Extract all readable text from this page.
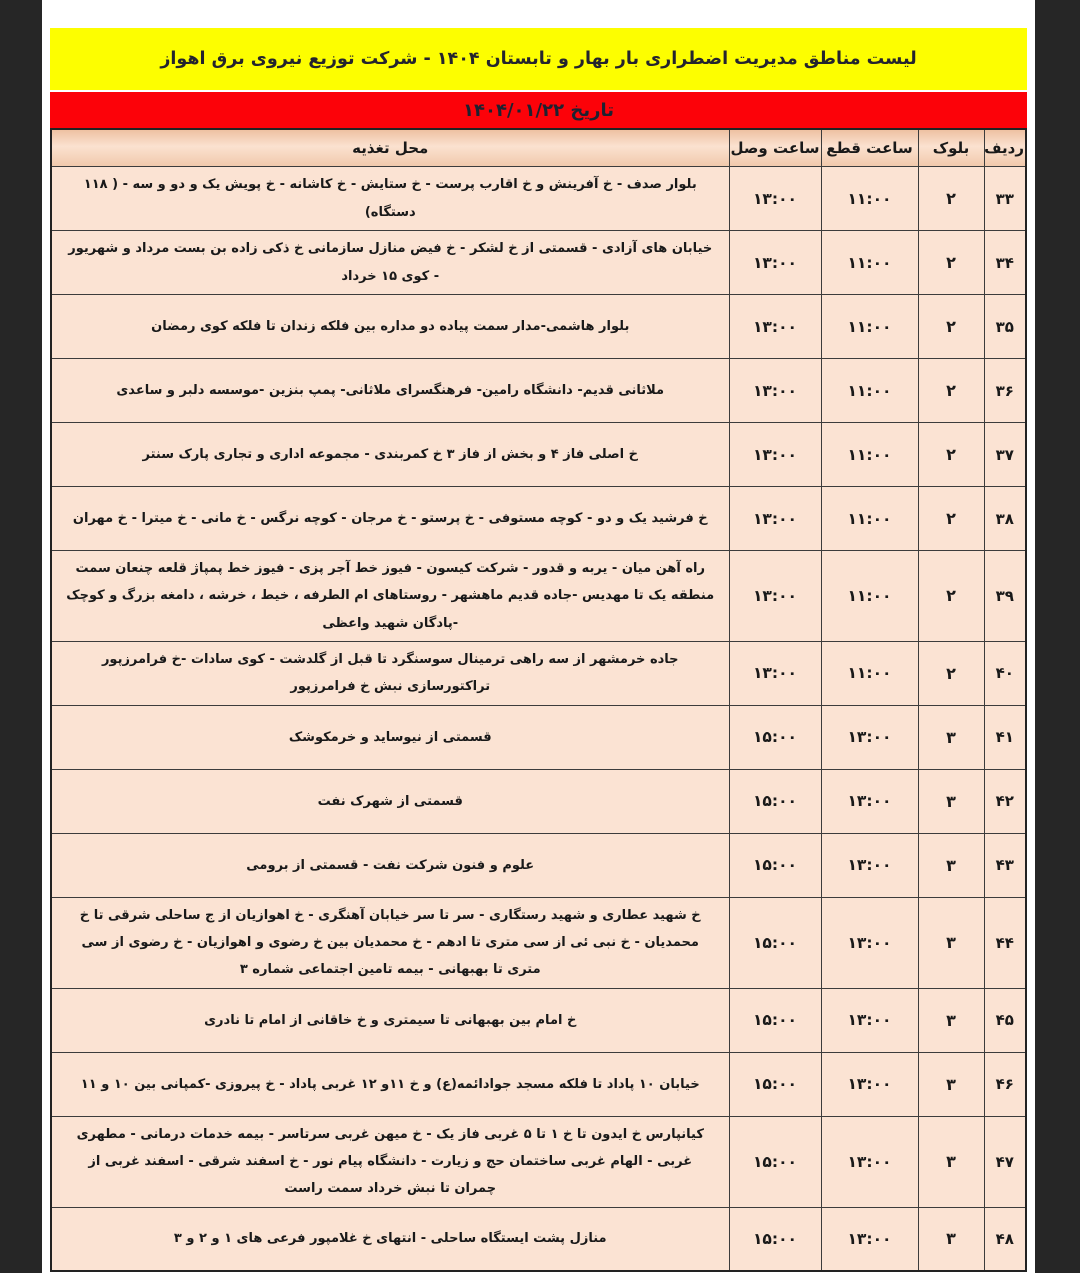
لیست مناطق مدیریت اضطراری بار بهار و تابستان ۱۴۰۴ - شرکت توزیع نیروی برق اهواز
تاریخ ۱۴۰۴/۰۱/۲۲
ردیف	بلوک	ساعت قطع	ساعت وصل	محل تغذیه
۳۳	۲	۱۱:۰۰	۱۳:۰۰	بلوار صدف - خ آفرینش و خ اقارب پرست - خ ستایش - خ کاشانه - خ پویش یک و دو و سه - ( ۱۱۸ دستگاه)
۳۴	۲	۱۱:۰۰	۱۳:۰۰	خیابان های آزادی - قسمتی از خ لشکر - خ فیض منازل سازمانی خ ذکی زاده بن بست مرداد و شهریور - کوی ۱۵ خرداد
۳۵	۲	۱۱:۰۰	۱۳:۰۰	بلوار هاشمی-مدار سمت پیاده دو مداره بین فلکه زندان تا فلکه کوی رمضان
۳۶	۲	۱۱:۰۰	۱۳:۰۰	ملاثانی قدیم- دانشگاه رامین- فرهنگسرای ملاثانی- پمپ بنزین -موسسه دلبر و ساعدی
۳۷	۲	۱۱:۰۰	۱۳:۰۰	خ اصلی فاز ۴ و بخش از فاز ۳ خ کمربندی - مجموعه اداری و تجاری پارک سنتر
۳۸	۲	۱۱:۰۰	۱۳:۰۰	خ فرشید یک و دو - کوچه مستوفی - خ پرستو - خ مرجان - کوچه نرگس - خ مانی - خ میترا - خ مهران
۳۹	۲	۱۱:۰۰	۱۳:۰۰	راه آهن میان - یربه و قدور - شرکت کیسون - فیوز خط آجر پزی - فیوز خط پمپاژ قلعه چنعان سمت منطقه یک تا مهدیس -جاده قدیم ماهشهر - روستاهای ام الطرفه ، خیط ، خرشه ، دامغه بزرگ و کوچک -پادگان شهید واعظی
۴۰	۲	۱۱:۰۰	۱۳:۰۰	جاده خرمشهر از سه راهی ترمینال سوسنگرد تا قبل از گلدشت - کوی سادات -خ فرامرزپور تراکتورسازی نبش خ فرامرزپور
۴۱	۳	۱۳:۰۰	۱۵:۰۰	قسمتی از نیوساید و خرمکوشک
۴۲	۳	۱۳:۰۰	۱۵:۰۰	قسمتی از شهرک نفت
۴۳	۳	۱۳:۰۰	۱۵:۰۰	علوم و فنون شرکت نفت - قسمتی از برومی
۴۴	۳	۱۳:۰۰	۱۵:۰۰	خ شهید عطاری و شهید رستگاری - سر تا سر خیابان آهنگری - خ اهوازیان از ج ساحلی شرقی تا خ محمدیان - خ نبی ئی از سی متری تا ادهم - خ محمدیان بین خ رضوی و اهوازیان - خ رضوی از سی متری تا بهبهانی - بیمه تامین اجتماعی شماره ۳
۴۵	۳	۱۳:۰۰	۱۵:۰۰	خ امام بین بهبهانی تا سیمتری و خ خاقانی از امام تا نادری
۴۶	۳	۱۳:۰۰	۱۵:۰۰	خیابان ۱۰ پاداد تا فلکه مسجد جوادائمه(ع) و خ ۱۱و ۱۲ غربی پاداد - خ پیروزی -کمپانی بین ۱۰ و ۱۱
۴۷	۳	۱۳:۰۰	۱۵:۰۰	کیانپارس خ ایدون تا خ ۱ تا ۵ غربی فاز یک - خ میهن غربی سرتاسر - بیمه خدمات درمانی - مطهری غربی - الهام غربی ساختمان حج و زیارت - دانشگاه پیام نور - خ اسفند شرقی - اسفند غربی از چمران تا نبش خرداد سمت راست
۴۸	۳	۱۳:۰۰	۱۵:۰۰	منازل پشت ایستگاه ساحلی - انتهای خ غلامپور فرعی های ۱ و ۲ و ۳
